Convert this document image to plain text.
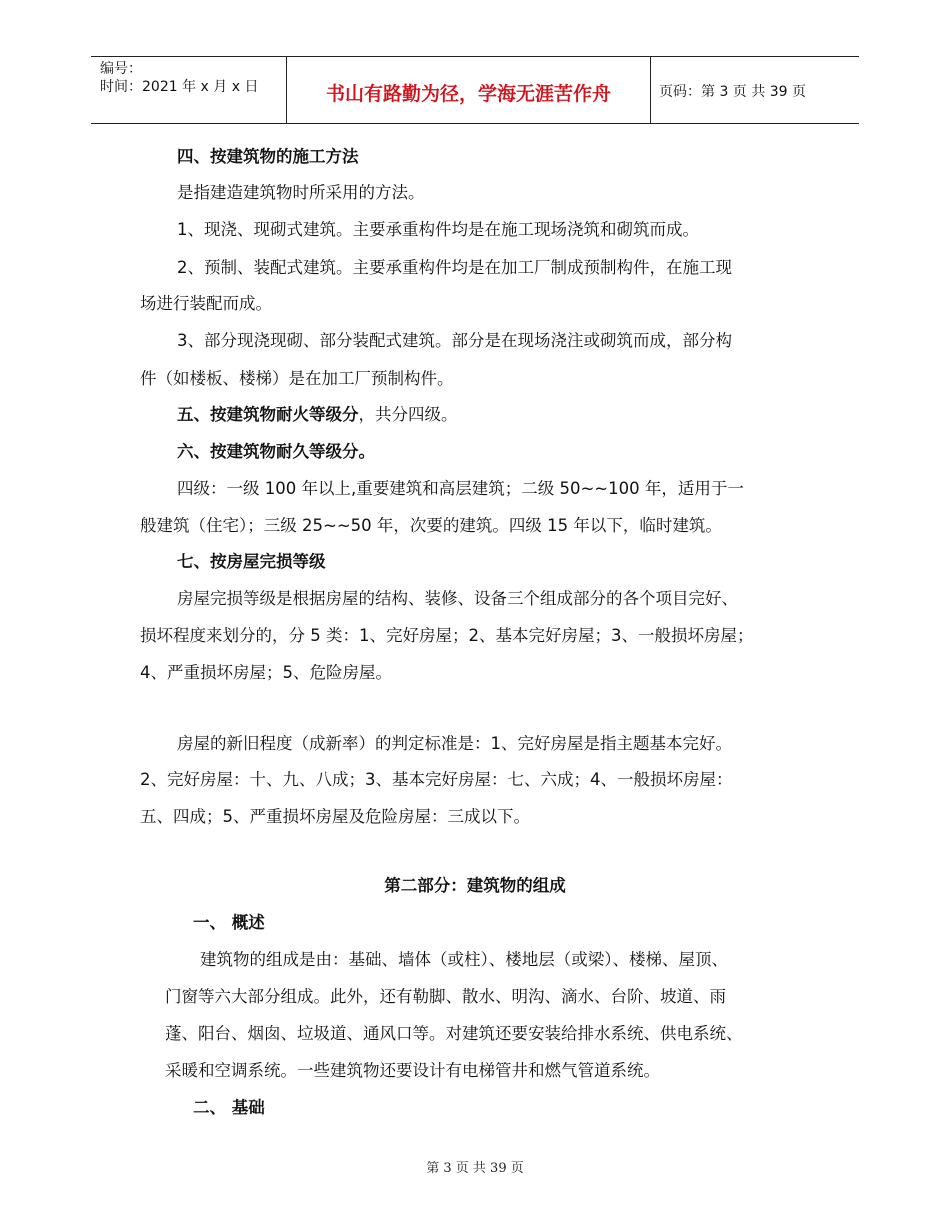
编号：
时间：2021 年 x 月 x 日	书山有路勤为径，学海无涯苦作舟	页码：第 3 页 共 39 页
四、按建筑物的施工方法
是指建造建筑物时所采用的方法。
1、现浇、现砌式建筑。主要承重构件均是在施工现场浇筑和砌筑而成。
2、预制、装配式建筑。主要承重构件均是在加工厂制成预制构件，在施工现
场进行装配而成。
3、部分现浇现砌、部分装配式建筑。部分是在现场浇注或砌筑而成，部分构
件（如楼板、楼梯）是在加工厂预制构件。
五、按建筑物耐火等级分，共分四级。
六、按建筑物耐久等级分。
四级：一级 100 年以上,重要建筑和高层建筑；二级 50~~100 年，适用于一
般建筑（住宅）；三级 25~~50 年，次要的建筑。四级 15 年以下，临时建筑。
七、按房屋完损等级
房屋完损等级是根据房屋的结构、装修、设备三个组成部分的各个项目完好、
损坏程度来划分的，分 5 类：1、完好房屋；2、基本完好房屋；3、一般损坏房屋；
4、严重损坏房屋；5、危险房屋。
房屋的新旧程度（成新率）的判定标准是：1、完好房屋是指主题基本完好。
2、完好房屋：十、九、八成；3、基本完好房屋：七、六成；4、一般损坏房屋：
五、四成；5、严重损坏房屋及危险房屋：三成以下。
第二部分：建筑物的组成
一、 概述
建筑物的组成是由：基础、墙体（或柱）、楼地层（或梁）、楼梯、屋顶、
门窗等六大部分组成。此外，还有勒脚、散水、明沟、滴水、台阶、坡道、雨
蓬、阳台、烟囱、垃圾道、通风口等。对建筑还要安装给排水系统、供电系统、
采暖和空调系统。一些建筑物还要设计有电梯管井和燃气管道系统。
二、 基础
第 3 页 共 39 页
